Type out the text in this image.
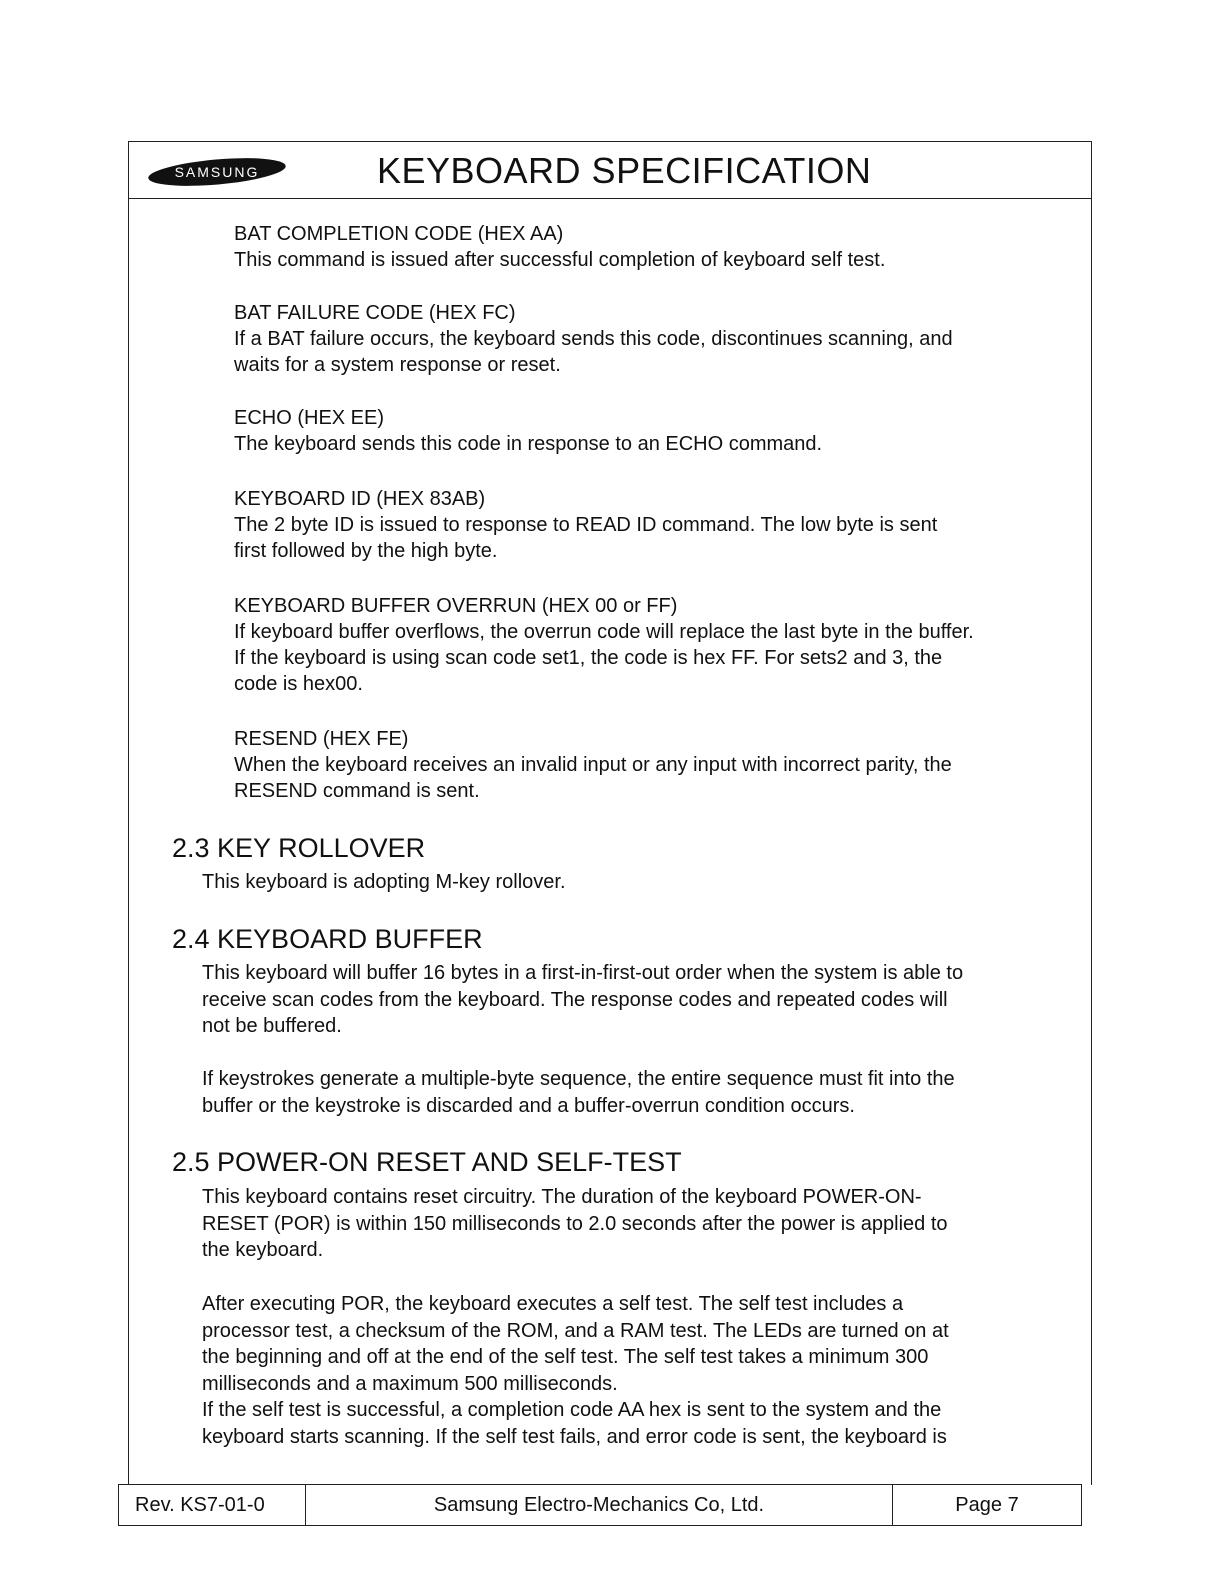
SAMSUNG	KEYBOARD SPECIFICATION
BAT COMPLETION CODE (HEX AA)
This command is issued after successful completion of keyboard self test.
BAT FAILURE CODE (HEX FC)
If a BAT failure occurs, the keyboard sends this code, discontinues scanning, and
waits for a system response or reset.
ECHO (HEX EE)
The keyboard sends this code in response to an ECHO command.
KEYBOARD ID (HEX 83AB)
The 2 byte ID is issued to response to READ ID command. The low byte is sent
first followed by the high byte.
KEYBOARD BUFFER OVERRUN (HEX 00 or FF)
If keyboard buffer overflows, the overrun code will replace the last byte in the buffer.
If the keyboard is using scan code set1, the code is hex FF. For sets2 and 3, the
code is hex00.
RESEND (HEX FE)
When the keyboard receives an invalid input or any input with incorrect parity, the
RESEND command is sent.
2.3 KEY ROLLOVER
This keyboard is adopting M-key rollover.
2.4 KEYBOARD BUFFER
This keyboard will buffer 16 bytes in a first-in-first-out order when the system is able to
receive scan codes from the keyboard. The response codes and repeated codes will
not be buffered.
If keystrokes generate a multiple-byte sequence, the entire sequence must fit into the
buffer or the keystroke is discarded and a buffer-overrun condition occurs.
2.5 POWER-ON RESET AND SELF-TEST
This keyboard contains reset circuitry. The duration of the keyboard POWER-ON-
RESET (POR) is within 150 milliseconds to 2.0 seconds after the power is applied to
the keyboard.
After executing POR, the keyboard executes a self test. The self test includes a
processor test, a checksum of the ROM, and a RAM test. The LEDs are turned on at
the beginning and off at the end of the self test. The self test takes a minimum 300
milliseconds and a maximum 500 milliseconds.
If the self test is successful, a completion code AA hex is sent to the system and the
keyboard starts scanning. If the self test fails, and error code is sent, the keyboard is
Rev. KS7-01-0	Samsung Electro-Mechanics Co, Ltd.	Page 7
